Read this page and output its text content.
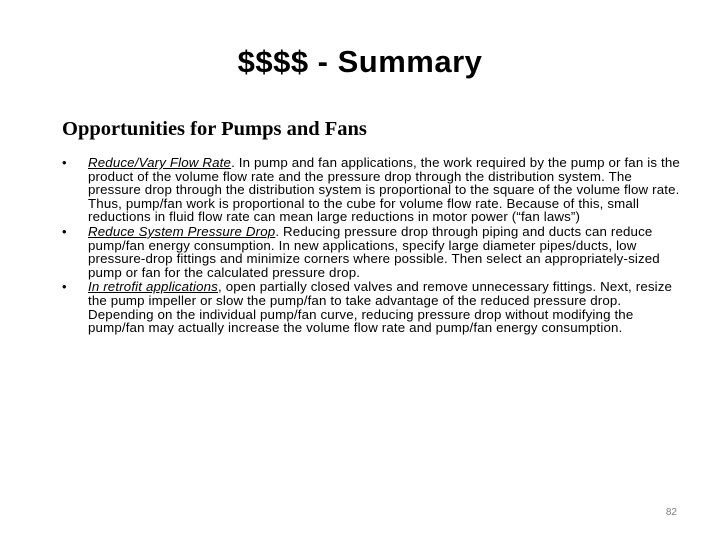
$$$$ - Summary
Opportunities for Pumps and Fans
•	Reduce/Vary Flow Rate. In pump and fan applications, the work required by the pump or fan is the product of the volume flow rate and the pressure drop through the distribution system. The pressure drop through the distribution system is proportional to the square of the volume flow rate. Thus, pump/fan work is proportional to the cube for volume flow rate. Because of this, small reductions in fluid flow rate can mean large reductions in motor power (“fan laws”)
•	Reduce System Pressure Drop. Reducing pressure drop through piping and ducts can reduce pump/fan energy consumption. In new applications, specify large diameter pipes/ducts, low pressure-drop fittings and minimize corners where possible. Then select an appropriately-sized pump or fan for the calculated pressure drop.
•	In retrofit applications, open partially closed valves and remove unnecessary fittings. Next, resize the pump impeller or slow the pump/fan to take advantage of the reduced pressure drop. Depending on the individual pump/fan curve, reducing pressure drop without modifying the pump/fan may actually increase the volume flow rate and pump/fan energy consumption.
82
